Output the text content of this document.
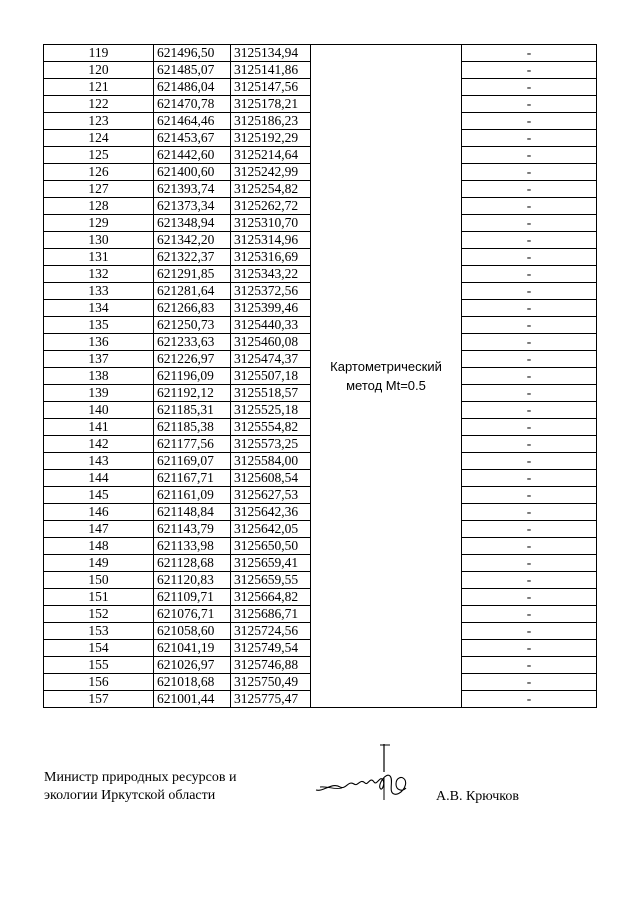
119	621496,50	3125134,94	Картометрический метод Mt=0.5	-
120	621485,07	3125141,86		-
121	621486,04	3125147,56		-
122	621470,78	3125178,21		-
123	621464,46	3125186,23		-
124	621453,67	3125192,29		-
125	621442,60	3125214,64		-
126	621400,60	3125242,99		-
127	621393,74	3125254,82		-
128	621373,34	3125262,72		-
129	621348,94	3125310,70		-
130	621342,20	3125314,96		-
131	621322,37	3125316,69		-
132	621291,85	3125343,22		-
133	621281,64	3125372,56		-
134	621266,83	3125399,46		-
135	621250,73	3125440,33		-
136	621233,63	3125460,08		-
137	621226,97	3125474,37		-
138	621196,09	3125507,18		-
139	621192,12	3125518,57		-
140	621185,31	3125525,18		-
141	621185,38	3125554,82		-
142	621177,56	3125573,25		-
143	621169,07	3125584,00		-
144	621167,71	3125608,54		-
145	621161,09	3125627,53		-
146	621148,84	3125642,36		-
147	621143,79	3125642,05		-
148	621133,98	3125650,50		-
149	621128,68	3125659,41		-
150	621120,83	3125659,55		-
151	621109,71	3125664,82		-
152	621076,71	3125686,71		-
153	621058,60	3125724,56		-
154	621041,19	3125749,54		-
155	621026,97	3125746,88		-
156	621018,68	3125750,49		-
157	621001,44	3125775,47		-
Министр природных ресурсов и
экологии Иркутской области	А.В. Крючков
